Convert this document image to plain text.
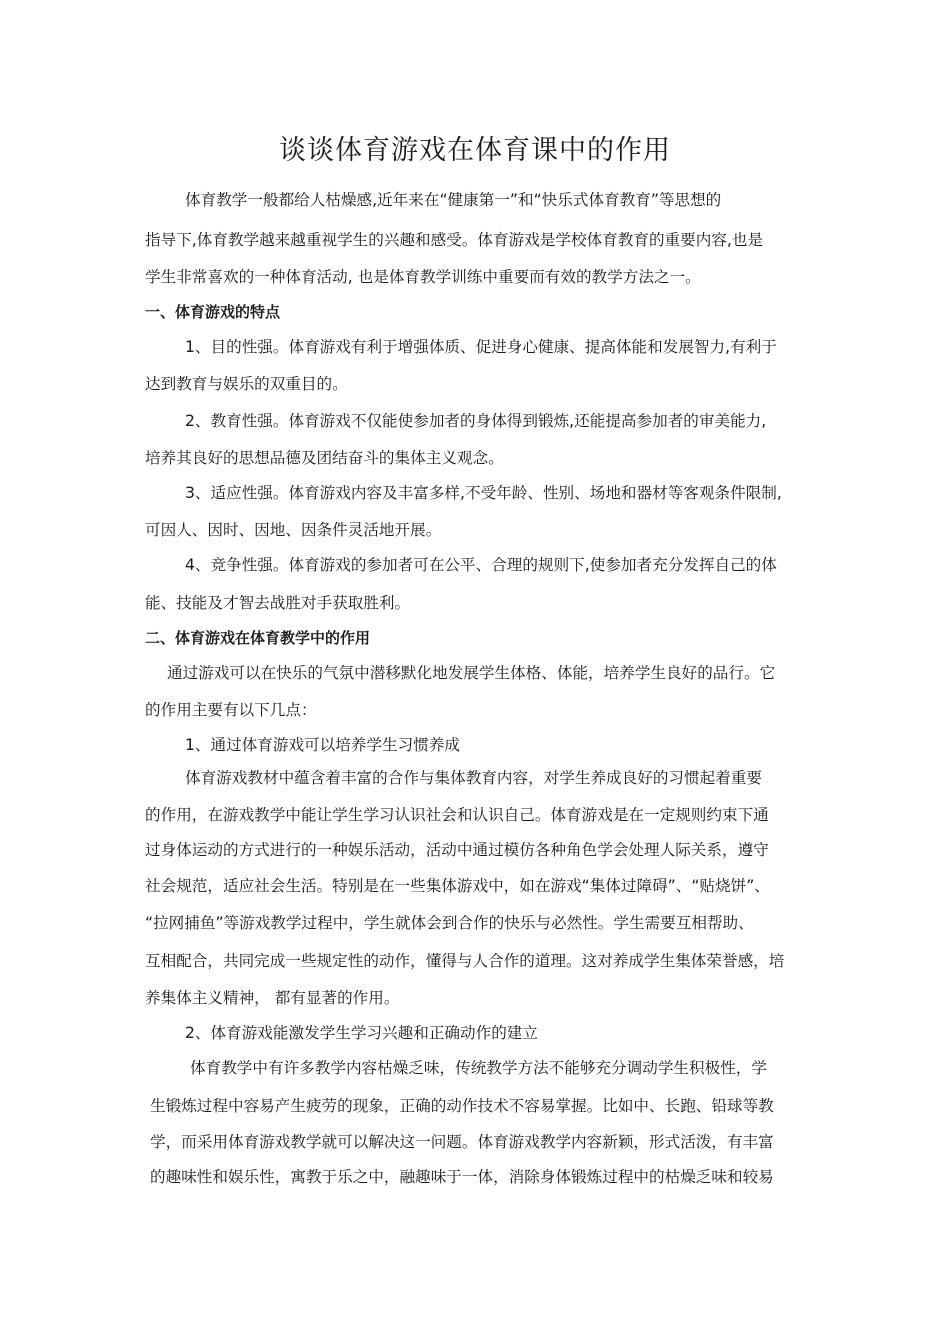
谈谈体育游戏在体育课中的作用

体育教学一般都给人枯燥感,近年来在“健康第一”和“快乐式体育教育”等思想的

指导下,体育教学越来越重视学生的兴趣和感受。体育游戏是学校体育教育的重要内容,也是

学生非常喜欢的一种体育活动, 也是体育教学训练中重要而有效的教学方法之一。

一、体育游戏的特点

1、目的性强。体育游戏有利于增强体质、促进身心健康、提高体能和发展智力,有利于

达到教育与娱乐的双重目的。

2、教育性强。体育游戏不仅能使参加者的身体得到锻炼,还能提高参加者的审美能力,

培养其良好的思想品德及团结奋斗的集体主义观念。

3、适应性强。体育游戏内容及丰富多样,不受年龄、性别、场地和器材等客观条件限制,

可因人、因时、因地、因条件灵活地开展。

4、竞争性强。体育游戏的参加者可在公平、合理的规则下,使参加者充分发挥自己的体

能、技能及才智去战胜对手获取胜利。

二、体育游戏在体育教学中的作用

通过游戏可以在快乐的气氛中潜移默化地发展学生体格、体能，培养学生良好的品行。它

的作用主要有以下几点：

1、通过体育游戏可以培养学生习惯养成

体育游戏教材中蕴含着丰富的合作与集体教育内容，对学生养成良好的习惯起着重要

的作用，在游戏教学中能让学生学习认识社会和认识自己。体育游戏是在一定规则约束下通

过身体运动的方式进行的一种娱乐活动，活动中通过模仿各种角色学会处理人际关系，遵守

社会规范，适应社会生活。特别是在一些集体游戏中，如在游戏“集体过障碍”、“贴烧饼”、

“拉网捕鱼”等游戏教学过程中，学生就体会到合作的快乐与必然性。学生需要互相帮助、

互相配合，共同完成一些规定性的动作，懂得与人合作的道理。这对养成学生集体荣誉感，培

养集体主义精神， 都有显著的作用。

2、体育游戏能激发学生学习兴趣和正确动作的建立

体育教学中有许多教学内容枯燥乏味，传统教学方法不能够充分调动学生积极性，学

生锻炼过程中容易产生疲劳的现象，正确的动作技术不容易掌握。比如中、长跑、铅球等教

学，而采用体育游戏教学就可以解决这一问题。体育游戏教学内容新颖，形式活泼，有丰富

的趣味性和娱乐性，寓教于乐之中，融趣味于一体，消除身体锻炼过程中的枯燥乏味和较易
